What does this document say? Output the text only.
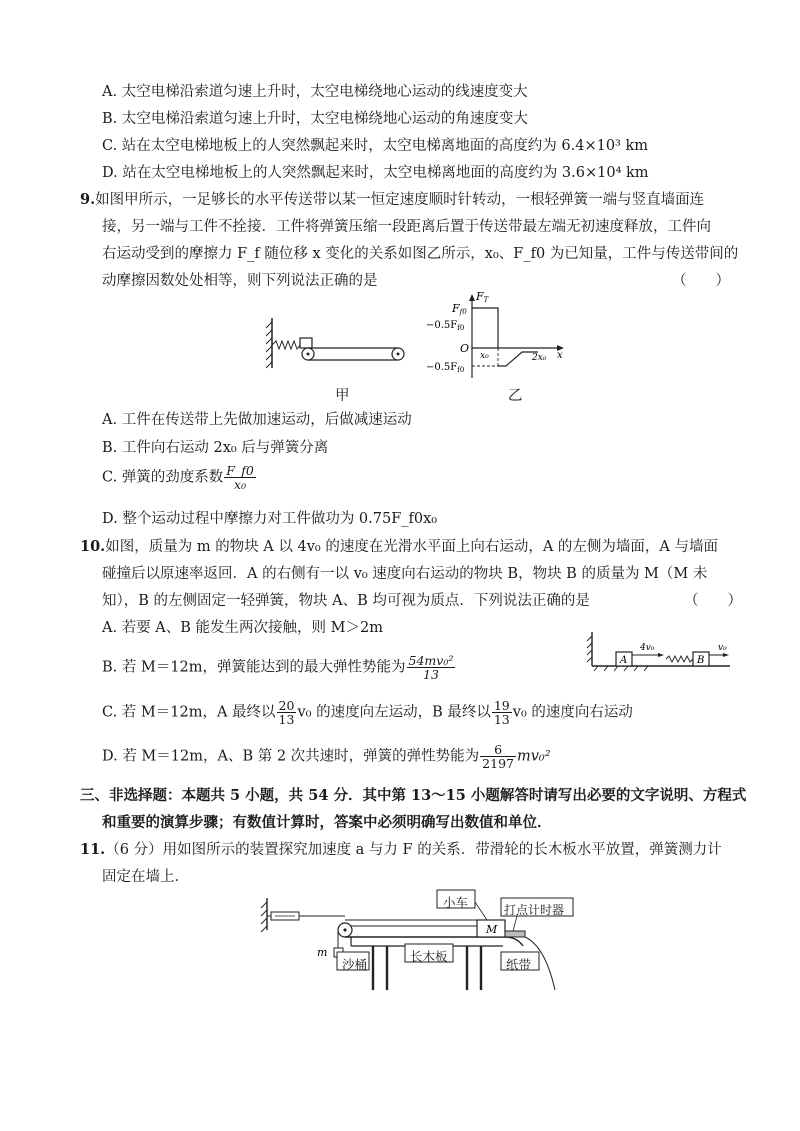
A. 太空电梯沿索道匀速上升时，太空电梯绕地心运动的线速度变大
B. 太空电梯沿索道匀速上升时，太空电梯绕地心运动的角速度变大
C. 站在太空电梯地板上的人突然飘起来时，太空电梯离地面的高度约为 6.4×10³ km
D. 站在太空电梯地板上的人突然飘起来时，太空电梯离地面的高度约为 3.6×10⁴ km
9.如图甲所示，一足够长的水平传送带以某一恒定速度顺时针转动，一根轻弹簧一端与竖直墙面连
接，另一端与工件不拴接．工件将弹簧压缩一段距离后置于传送带最左端无初速度释放，工件向
右运动受到的摩擦力 F_f 随位移 x 变化的关系如图乙所示，x₀、F_f0 为已知量，工件与传送带间的
动摩擦因数处处相等，则下列说法正确的是	（　　）
甲
FT
Ff0
$-0.5F_{f0}$
O
x₀	2x₀ x
$-0.5F_{f0}$
乙
A. 工件在传送带上先做加速运动，后做减速运动
B. 工件向右运动 2x₀ 后与弹簧分离
C. 弹簧的劲度系数 $\frac{F\_f0}{\text{x₀}}$
D. 整个运动过程中摩擦力对工件做功为 0.75F_f0x₀
10.如图，质量为 m 的物块 A 以 4v₀ 的速度在光滑水平面上向右运动，A 的左侧为墙面，A 与墙面
碰撞后以原速率返回．A 的右侧有一以 v₀ 速度向右运动的物块 B，物块 B 的质量为 M（M 未
知），B 的左侧固定一轻弹簧，物块 A、B 均可视为质点．下列说法正确的是	（　　）
A. 若要 A、B 能发生两次接触，则 M＞2m
A
4v₀
B
v₀
B. 若 M＝12m，弹簧能达到的最大弹性势能为 $\frac{\text{54mv₀²}}{13}$
C. 若 M＝12m，A 最终以 $\frac{20}{13} v_0$ 的速度向左运动，B 最终以 $\frac{19}{13} v_0$ 的速度向右运动
D. 若 M＝12m，A、B 第 2 次共速时，弹簧的弹性势能为 $\frac{6}{2197} mv_0^2$
三、非选择题：本题共 5 小题，共 54 分．其中第 13～15 小题解答时请写出必要的文字说明、方程式
和重要的演算步骤；有数值计算时，答案中必须明确写出数值和单位．
11.（6 分）用如图所示的装置探究加速度 a 与力 F 的关系．带滑轮的长木板水平放置，弹簧测力计
固定在墙上．
m
M
小车	打点计时器
沙桶
长木板
纸带
